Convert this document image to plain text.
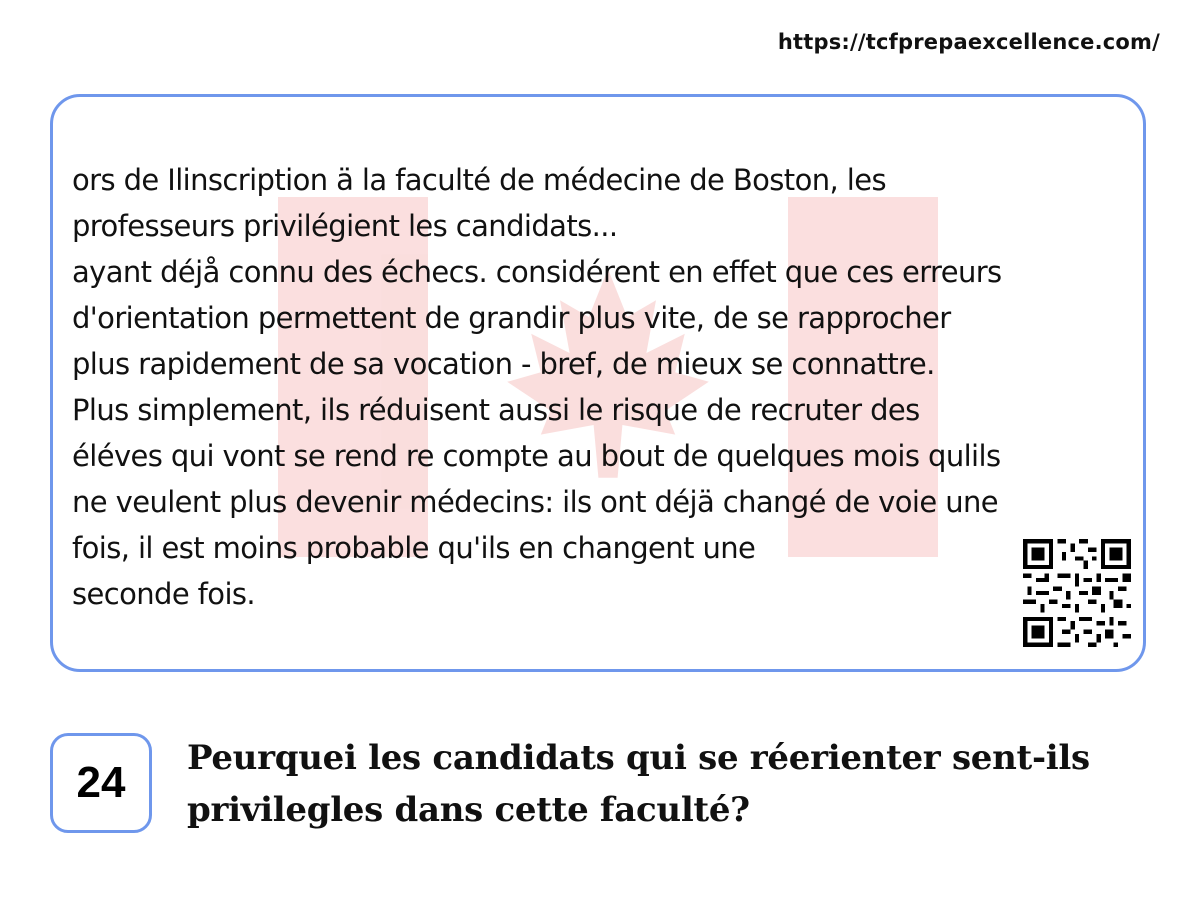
https://tcfprepaexcellence.com/

ors de Ilinscription ä la faculté de médecine de Boston, les
professeurs privilégient les candidats...
ayant déjå connu des échecs. considérent en effet que ces erreurs
d'orientation permettent de grandir plus vite, de se rapprocher
plus rapidement de sa vocation - bref, de mieux se connattre.
Plus simplement, ils réduisent aussi le risque de recruter des
éléves qui vont se rend re compte au bout de quelques mois qulils
ne veulent plus devenir médecins: ils ont déjä changé de voie une
fois, il est moins probable qu'ils en changent une
seconde fois.

24	Peurquei les candidats qui se réerienter sent-ils privilegles dans cette faculté?
